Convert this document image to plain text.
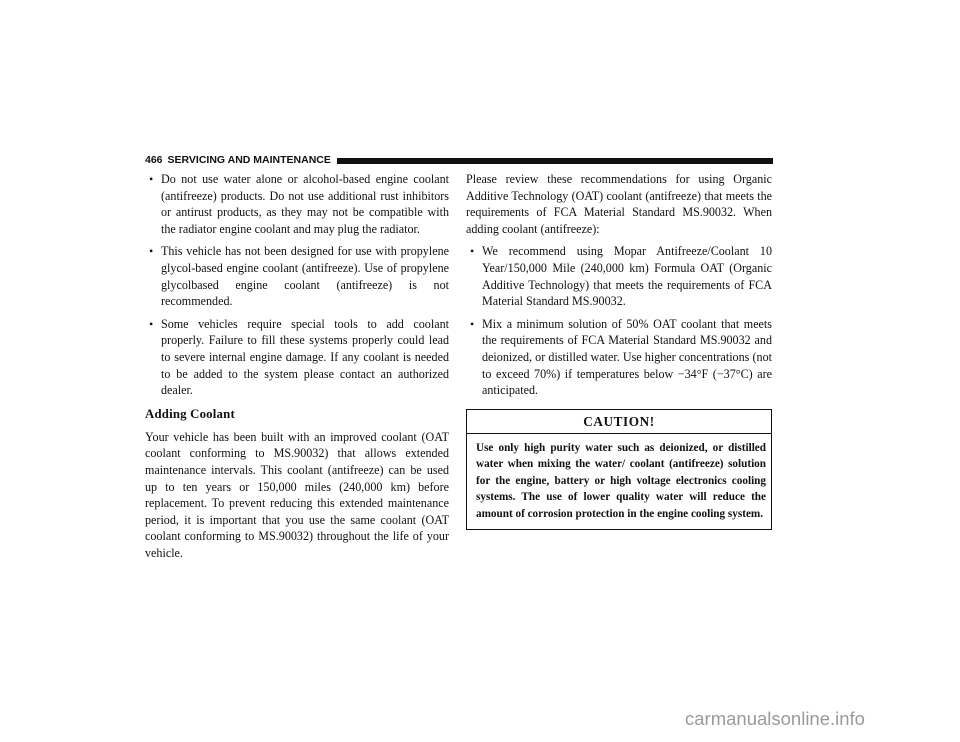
466 SERVICING AND MAINTENANCE

• Do not use water alone or alcohol-based engine coolant (antifreeze) products. Do not use additional rust inhibitors or antirust products, as they may not be compatible with the radiator engine coolant and may plug the radiator.

• This vehicle has not been designed for use with propylene glycol-based engine coolant (antifreeze). Use of propylene glycolbased engine coolant (antifreeze) is not recommended.

• Some vehicles require special tools to add coolant properly. Failure to fill these systems properly could lead to severe internal engine damage. If any coolant is needed to be added to the system please contact an authorized dealer.

Adding Coolant

Your vehicle has been built with an improved coolant (OAT coolant conforming to MS.90032) that allows extended maintenance intervals. This coolant (antifreeze) can be used up to ten years or 150,000 miles (240,000 km) before replacement. To prevent reducing this extended maintenance period, it is important that you use the same coolant (OAT coolant conforming to MS.90032) throughout the life of your vehicle.

Please review these recommendations for using Organic Additive Technology (OAT) coolant (antifreeze) that meets the requirements of FCA Material Standard MS.90032. When adding coolant (antifreeze):

• We recommend using Mopar Antifreeze/Coolant 10 Year/150,000 Mile (240,000 km) Formula OAT (Organic Additive Technology) that meets the requirements of FCA Material Standard MS.90032.

• Mix a minimum solution of 50% OAT coolant that meets the requirements of FCA Material Standard MS.90032 and deionized, or distilled water. Use higher concentrations (not to exceed 70%) if temperatures below −34°F (−37°C) are anticipated.

CAUTION!

Use only high purity water such as deionized, or distilled water when mixing the water/ coolant (antifreeze) solution for the engine, battery or high voltage electronics cooling systems. The use of lower quality water will reduce the amount of corrosion protection in the engine cooling system.

carmanualsonline.info
